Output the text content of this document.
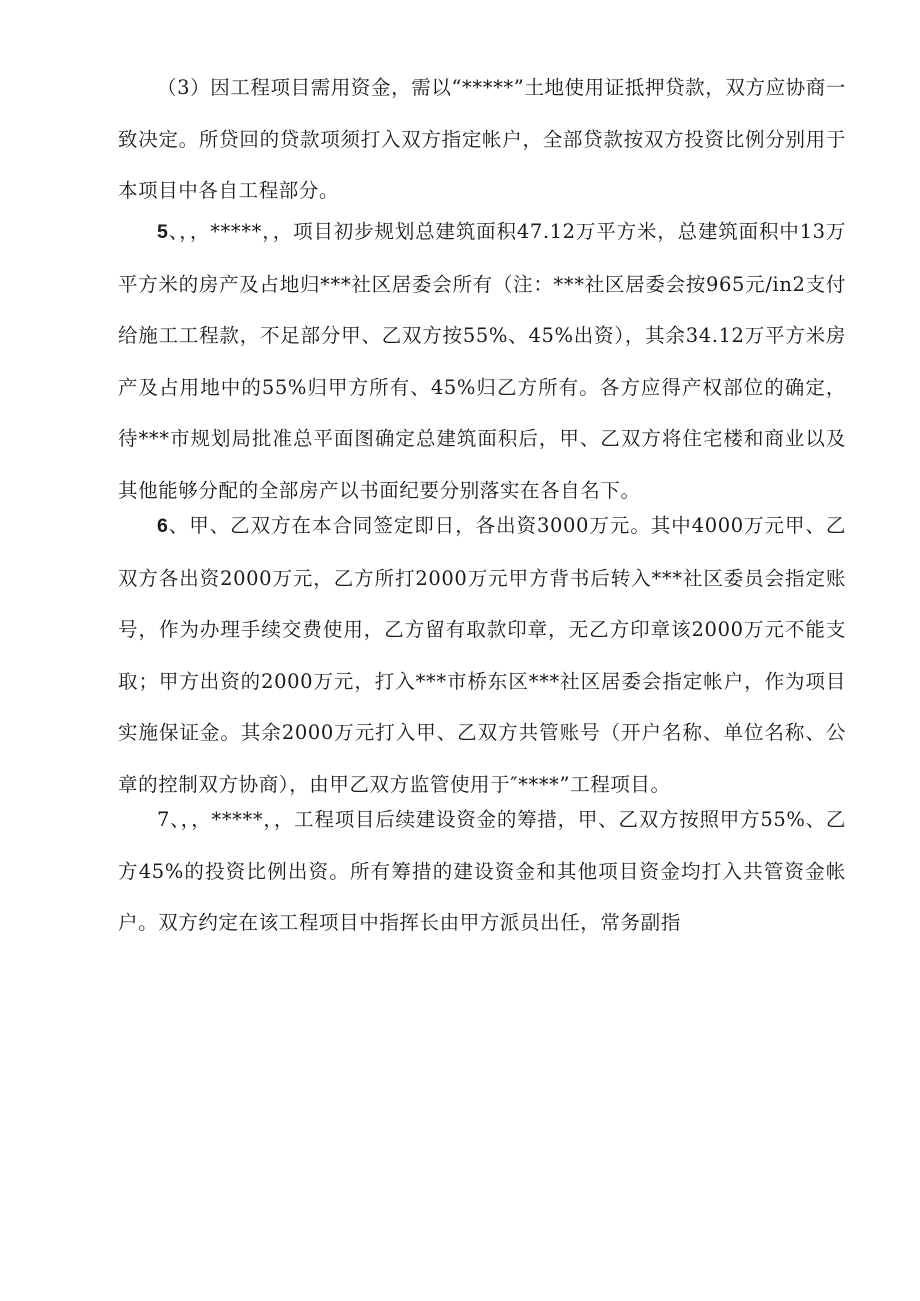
（3）因工程项目需用资金，需以“*****”土地使用证抵押贷款，双方应协商一致决定。所贷回的贷款项须打入双方指定帐户，全部贷款按双方投资比例分别用于本项目中各自工程部分。

5、，，*****，，项目初步规划总建筑面积47.12万平方米，总建筑面积中13万平方米的房产及占地归***社区居委会所有（注：***社区居委会按965元/in2支付给施工工程款，不足部分甲、乙双方按55%、45%出资），其余34.12万平方米房产及占用地中的55%归甲方所有、45%归乙方所有。各方应得产权部位的确定，待***市规划局批准总平面图确定总建筑面积后，甲、乙双方将住宅楼和商业以及其他能够分配的全部房产以书面纪要分别落实在各自名下。

6、甲、乙双方在本合同签定即日，各出资3000万元。其中4000万元甲、乙双方各出资2000万元，乙方所打2000万元甲方背书后转入***社区委员会指定账号，作为办理手续交费使用，乙方留有取款印章，无乙方印章该2000万元不能支取；甲方出资的2000万元，打入***市桥东区***社区居委会指定帐户，作为项目实施保证金。其余2000万元打入甲、乙双方共管账号（开户名称、单位名称、公章的控制双方协商），由甲乙双方监管使用于″****”工程项目。

7、，，*****，，工程项目后续建设资金的筹措，甲、乙双方按照甲方55%、乙方45%的投资比例出资。所有筹措的建设资金和其他项目资金均打入共管资金帐户。双方约定在该工程项目中指挥长由甲方派员出任，常务副指
